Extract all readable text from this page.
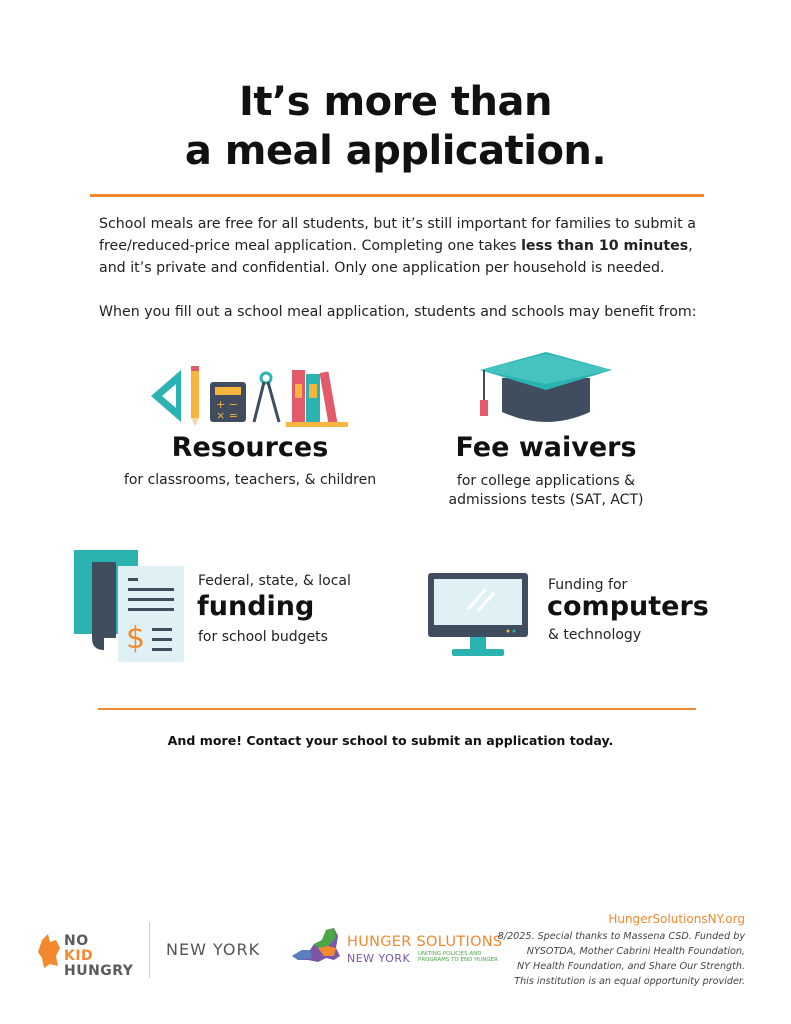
It’s more than
a meal application.

School meals are free for all students, but it’s still important for families to submit a free/reduced-price meal application. Completing one takes less than 10 minutes, and it’s private and confidential. Only one application per household is needed.

When you fill out a school meal application, students and schools may benefit from:

+ −
× =
Resources
for classrooms, teachers, & children
Fee waivers
for college applications &
admissions tests (SAT, ACT)
$
Federal, state, & local
funding
for school budgets
Funding for
computers
& technology
And more! Contact your school to submit an application today.
NO
KID
HUNGRY
NEW YORK	HUNGER SOLUTIONS
NEW YORK UNITING POLICIES AND PROGRAMS TO END HUNGER
HungerSolutionsNY.org
8/2025. Special thanks to Massena CSD. Funded by
NYSOTDA, Mother Cabrini Health Foundation,
NY Health Foundation, and Share Our Strength.
This institution is an equal opportunity provider.
